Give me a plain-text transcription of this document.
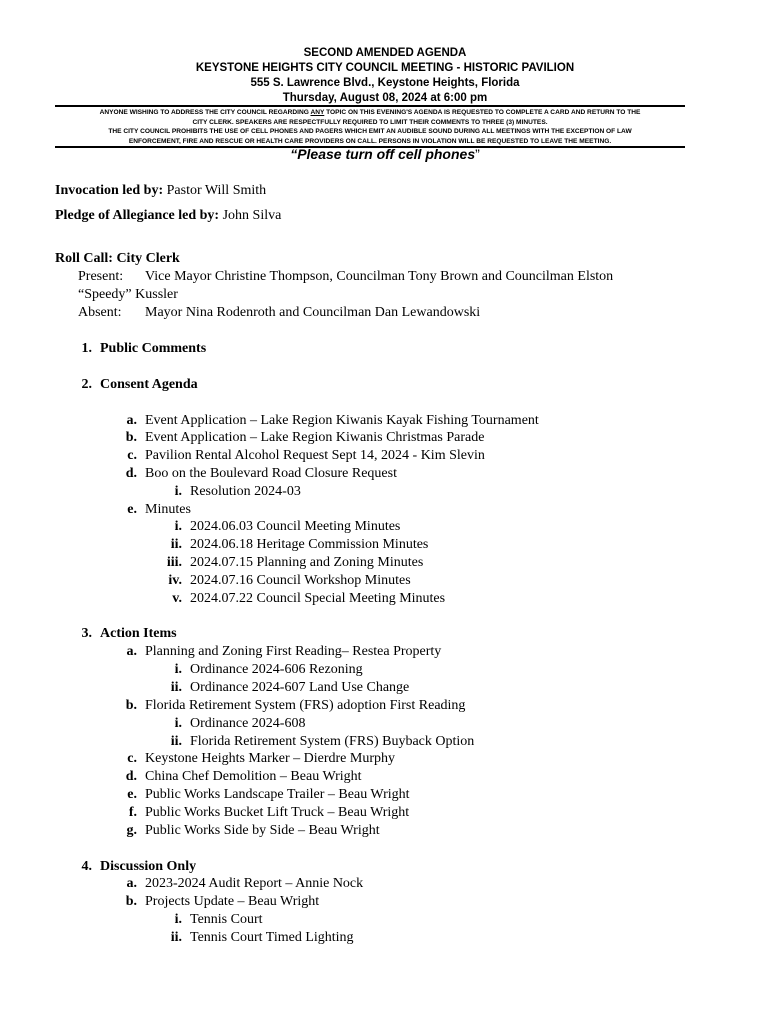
SECOND AMENDED AGENDA
KEYSTONE HEIGHTS CITY COUNCIL MEETING - HISTORIC PAVILION
555 S. Lawrence Blvd., Keystone Heights, Florida
Thursday, August 08, 2024 at 6:00 pm
ANYONE WISHING TO ADDRESS THE CITY COUNCIL REGARDING ANY TOPIC ON THIS EVENING'S AGENDA IS REQUESTED TO COMPLETE A CARD AND RETURN TO THE
CITY CLERK. SPEAKERS ARE RESPECTFULLY REQUIRED TO LIMIT THEIR COMMENTS TO THREE (3) MINUTES.
THE CITY COUNCIL PROHIBITS THE USE OF CELL PHONES AND PAGERS WHICH EMIT AN AUDIBLE SOUND DURING ALL MEETINGS WITH THE EXCEPTION OF LAW
ENFORCEMENT, FIRE AND RESCUE OR HEALTH CARE PROVIDERS ON CALL. PERSONS IN VIOLATION WILL BE REQUESTED TO LEAVE THE MEETING.
“Please turn off cell phones”
Invocation led by: Pastor Will Smith
Pledge of Allegiance led by: John Silva
Roll Call: City Clerk
Present: Vice Mayor Christine Thompson, Councilman Tony Brown and Councilman Elston
“Speedy” Kussler
Absent: Mayor Nina Rodenroth and Councilman Dan Lewandowski
1. Public Comments
2. Consent Agenda
a. Event Application – Lake Region Kiwanis Kayak Fishing Tournament
b. Event Application – Lake Region Kiwanis Christmas Parade
c. Pavilion Rental Alcohol Request Sept 14, 2024 - Kim Slevin
d. Boo on the Boulevard Road Closure Request
i. Resolution 2024-03
e. Minutes
i. 2024.06.03 Council Meeting Minutes
ii. 2024.06.18 Heritage Commission Minutes
iii. 2024.07.15 Planning and Zoning Minutes
iv. 2024.07.16 Council Workshop Minutes
v. 2024.07.22 Council Special Meeting Minutes
3. Action Items
a. Planning and Zoning First Reading– Restea Property
i. Ordinance 2024-606 Rezoning
ii. Ordinance 2024-607 Land Use Change
b. Florida Retirement System (FRS) adoption First Reading
i. Ordinance 2024-608
ii. Florida Retirement System (FRS) Buyback Option
c. Keystone Heights Marker – Dierdre Murphy
d. China Chef Demolition – Beau Wright
e. Public Works Landscape Trailer – Beau Wright
f. Public Works Bucket Lift Truck – Beau Wright
g. Public Works Side by Side – Beau Wright
4. Discussion Only
a. 2023-2024 Audit Report – Annie Nock
b. Projects Update – Beau Wright
i. Tennis Court
ii. Tennis Court Timed Lighting
